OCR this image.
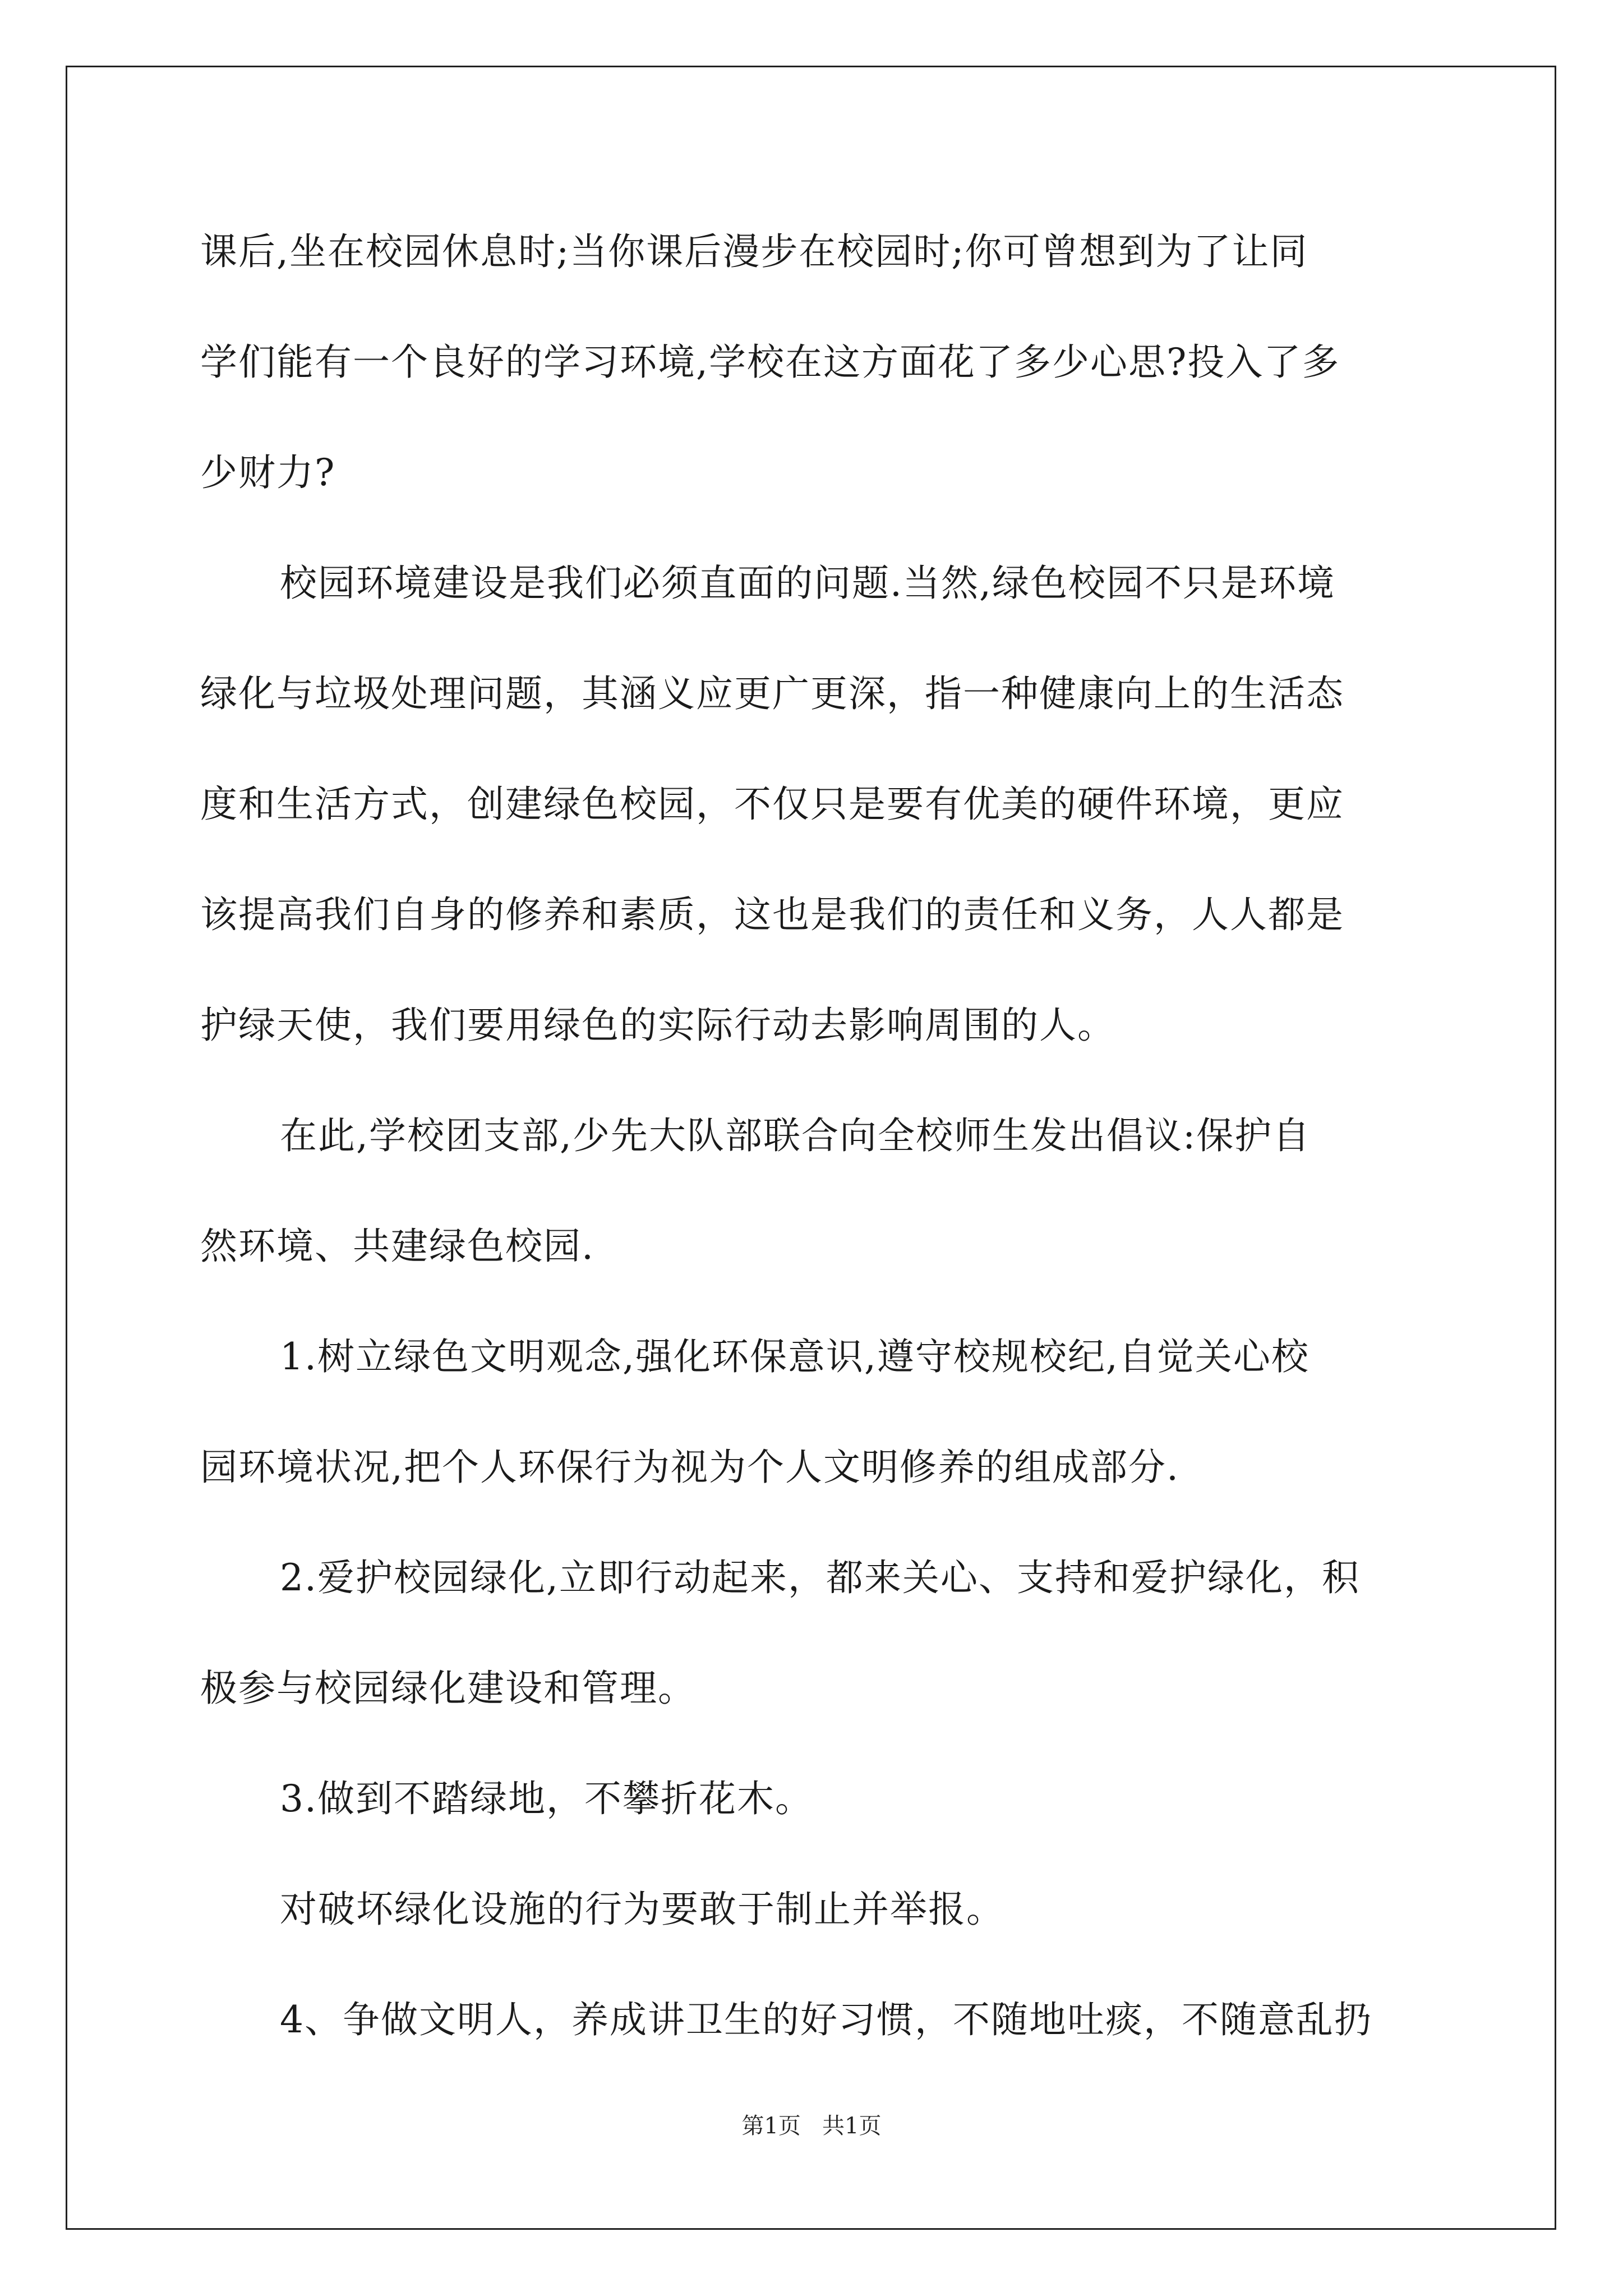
课后,坐在校园休息时;当你课后漫步在校园时;你可曾想到为了让同
学们能有一个良好的学习环境,学校在这方面花了多少心思?投入了多
少财力?
校园环境建设是我们必须直面的问题.当然,绿色校园不只是环境
绿化与垃圾处理问题，其涵义应更广更深，指一种健康向上的生活态
度和生活方式，创建绿色校园，不仅只是要有优美的硬件环境，更应
该提高我们自身的修养和素质，这也是我们的责任和义务，人人都是
护绿天使，我们要用绿色的实际行动去影响周围的人。
在此,学校团支部,少先大队部联合向全校师生发出倡议:保护自
然环境、共建绿色校园.
1.树立绿色文明观念,强化环保意识,遵守校规校纪,自觉关心校
园环境状况,把个人环保行为视为个人文明修养的组成部分.
2.爱护校园绿化,立即行动起来，都来关心、支持和爱护绿化，积
极参与校园绿化建设和管理。
3.做到不踏绿地，不攀折花木。
对破坏绿化设施的行为要敢于制止并举报。
4、争做文明人，养成讲卫生的好习惯，不随地吐痰，不随意乱扔
第1页   共1页
